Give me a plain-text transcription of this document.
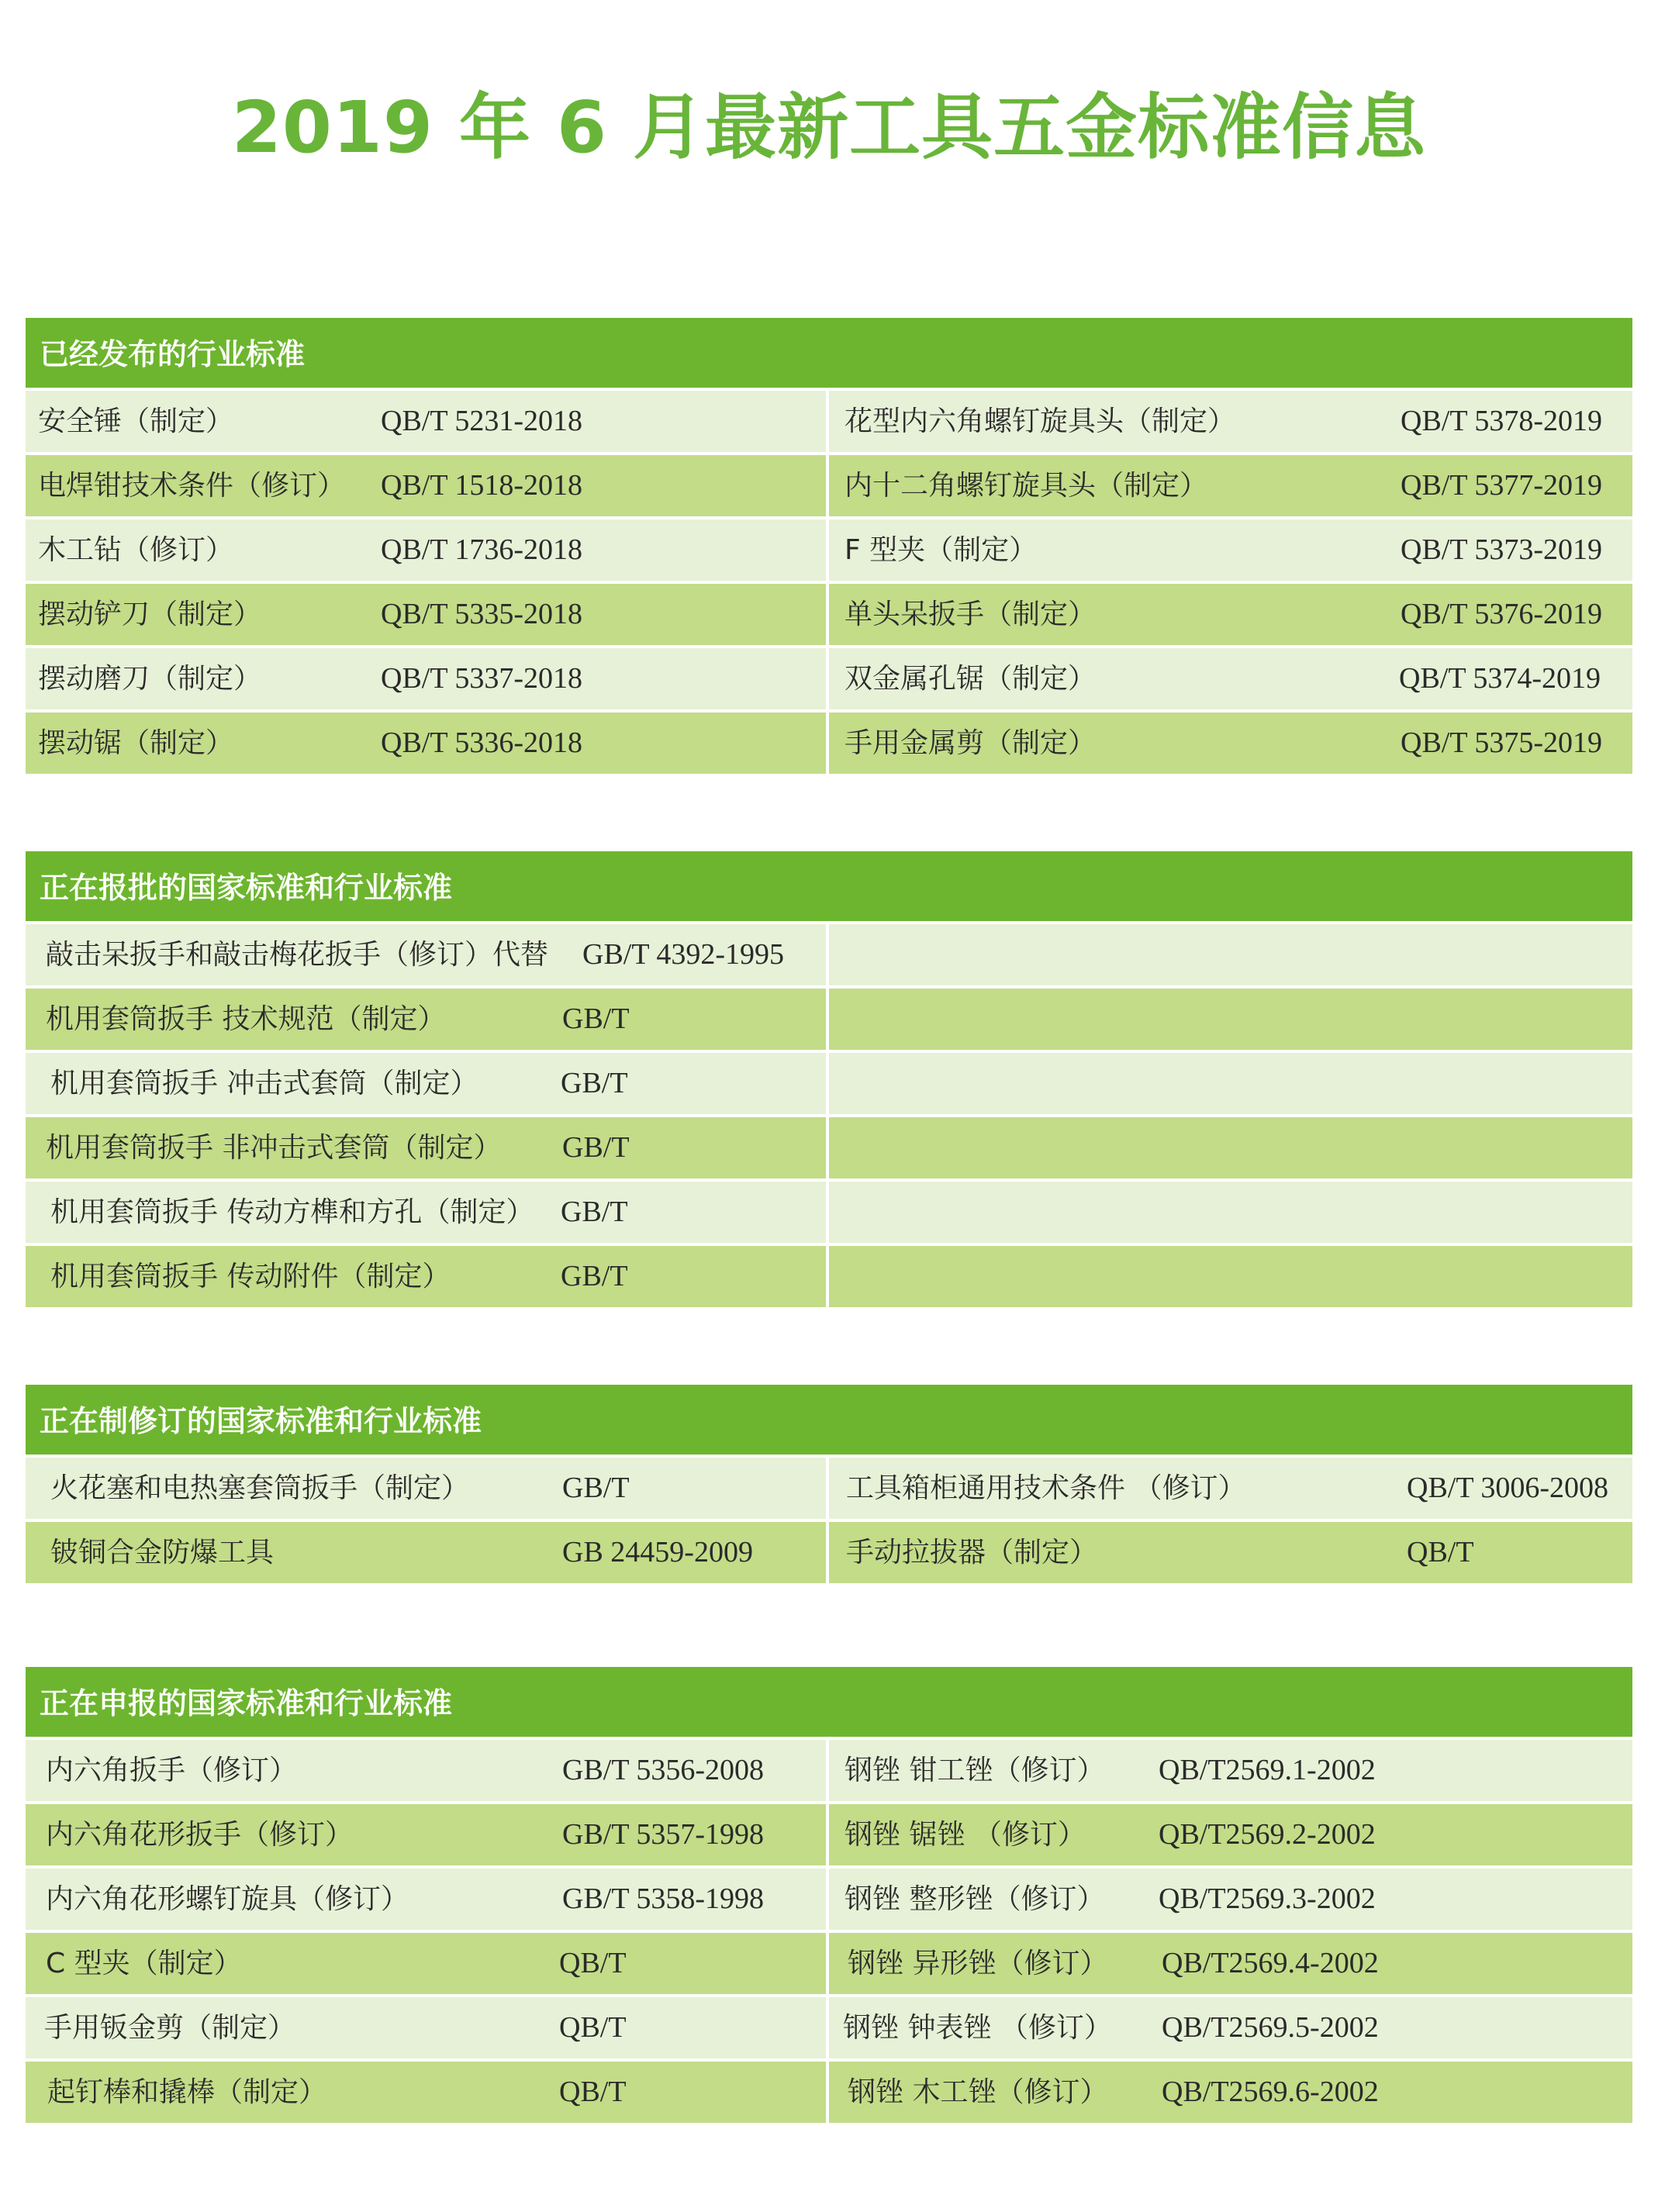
2019 年 6 月最新工具五金标准信息
已经发布的行业标准
安全锤（制定）	QB/T 5231-2018	花型内六角螺钉旋具头（制定）	QB/T 5378-2019
电焊钳技术条件（修订） QB/T 1518-2018	内十二角螺钉旋具头（制定）	QB/T 5377-2019
木工钻（修订）	QB/T 1736-2018	F 型夹（制定）	QB/T 5373-2019
摆动铲刀（制定）	QB/T 5335-2018	单头呆扳手（制定）	QB/T 5376-2019
摆动磨刀（制定）	QB/T 5337-2018	双金属孔锯（制定）	QB/T 5374-2019
摆动锯（制定）	QB/T 5336-2018	手用金属剪（制定）	QB/T 5375-2019
正在报批的国家标准和行业标准
敲击呆扳手和敲击梅花扳手（修订）代替 GB/T 4392-1995
机用套筒扳手 技术规范（制定）	GB/T
机用套筒扳手 冲击式套筒（制定）	GB/T
机用套筒扳手 非冲击式套筒（制定） GB/T
机用套筒扳手 传动方榫和方孔（制定） GB/T
机用套筒扳手 传动附件（制定）	GB/T
正在制修订的国家标准和行业标准
火花塞和电热塞套筒扳手（制定）	GB/T	工具箱柜通用技术条件 （修订）	QB/T 3006-2008
铍铜合金防爆工具	GB 24459-2009	手动拉拔器（制定）	QB/T
正在申报的国家标准和行业标准
内六角扳手（修订）	GB/T 5356-2008	钢锉 钳工锉（修订） QB/T2569.1-2002
内六角花形扳手（修订）	GB/T 5357-1998	钢锉 锯锉 （修订） QB/T2569.2-2002
内六角花形螺钉旋具（修订）	GB/T 5358-1998	钢锉 整形锉（修订） QB/T2569.3-2002
C 型夹（制定）	QB/T	钢锉 异形锉（修订） QB/T2569.4-2002
手用钣金剪（制定）	QB/T	钢锉 钟表锉 （修订） QB/T2569.5-2002
起钉棒和撬棒（制定）	QB/T	钢锉 木工锉（修订） QB/T2569.6-2002
